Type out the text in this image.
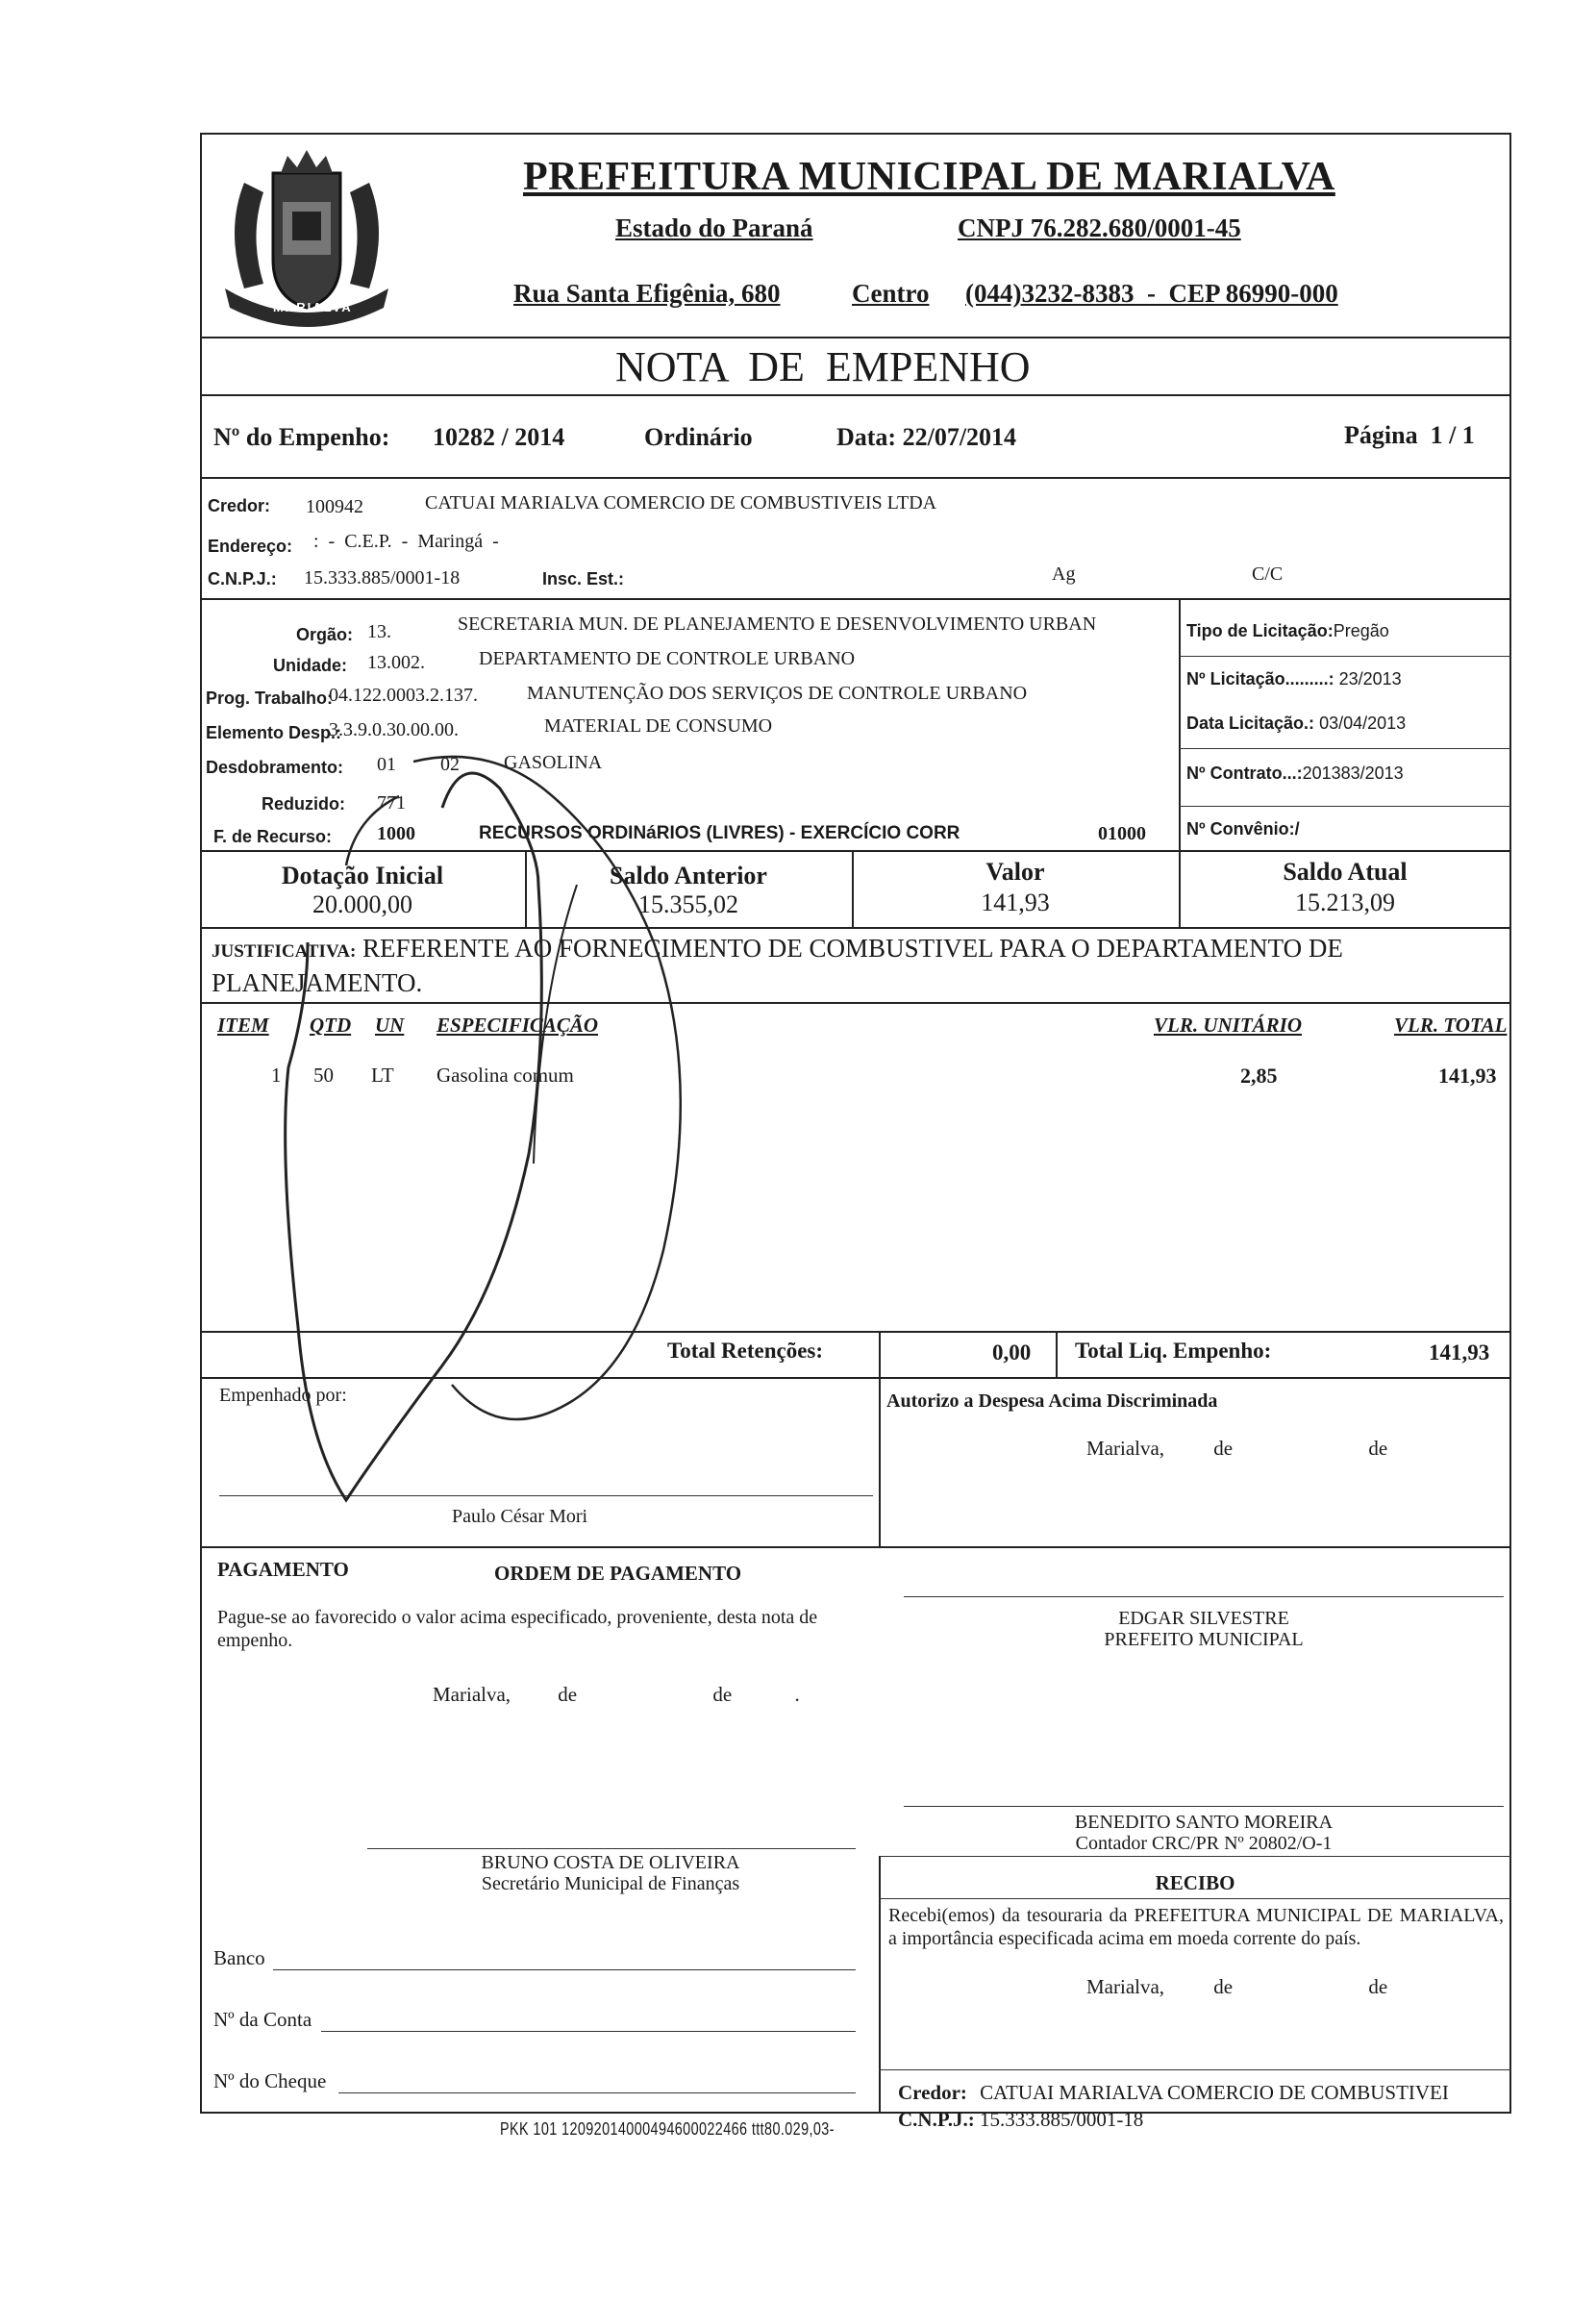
MARIALVA
PREFEITURA MUNICIPAL DE MARIALVA
Estado do Paraná	CNPJ 76.282.680/0001-45
Rua Santa Efigênia, 680	Centro (044)3232-8383  -  CEP 86990-000
NOTA  DE  EMPENHO
Nº do Empenho: 10282 / 2014	Ordinário	Data: 22/07/2014	Página  1 / 1
Credor: 100942	CATUAI MARIALVA COMERCIO DE COMBUSTIVEIS LTDA
Endereço: :  -  C.E.P.  -  Maringá  -
C.N.P.J.: 15.333.885/0001-18	Insc. Est.:	Ag	C/C
Orgão: 13.	SECRETARIA MUN. DE PLANEJAMENTO E DESENVOLVIMENTO URBAN
Unidade: 13.002.	DEPARTAMENTO DE CONTROLE URBANO
Prog. Trabalho:
04.122.0003.2.137.	MANUTENÇÃO DOS SERVIÇOS DE CONTROLE URBANO
Elemento Desp.:
3.3.9.0.30.00.00.	MATERIAL DE CONSUMO
Desdobramento: 01 02 GASOLINA
Reduzido: 771
F. de Recurso: 1000	RECURSOS ORDINáRIOS (LIVRES) - EXERCÍCIO CORR	01000
Tipo de Licitação:Pregão
Nº Licitação.........: 23/2013
Data Licitação.: 03/04/2013
Nº Contrato...:201383/2013
Nº Convênio:/
Dotação Inicial
20.000,00
Saldo Anterior
15.355,02
Valor
141,93
Saldo Atual
15.213,09
JUSTIFICATIVA: REFERENTE AO FORNECIMENTO DE COMBUSTIVEL PARA O DEPARTAMENTO DE
PLANEJAMENTO.
ITEM QTD UN ESPECIFICAÇÃO	VLR. UNITÁRIO	VLR. TOTAL
1 50 LT Gasolina comum	2,85	141,93
Total Retenções:	0,00 Total Liq. Empenho:	141,93
Empenhado por:
Paulo César Mori
Autorizo a Despesa Acima Discriminada
Marialva, de	de
PAGAMENTO	ORDEM DE PAGAMENTO
Pague-se ao favorecido o valor acima especificado, proveniente, desta nota de empenho.
Marialva, de	de	.
EDGAR SILVESTRE
PREFEITO MUNICIPAL
BENEDITO SANTO MOREIRA
Contador CRC/PR Nº 20802/O-1
BRUNO COSTA DE OLIVEIRA
Secretário Municipal de Finanças	RECIBO
Recebi(emos) da tesouraria da PREFEITURA MUNICIPAL DE MARIALVA, a importância especificada acima em moeda corrente do país.
Marialva, de	de
Credor: CATUAI MARIALVA COMERCIO DE COMBUSTIVEI
C.N.P.J.: 15.333.885/0001-18
Banco
Nº da Conta
Nº do Cheque
PKK 101 12092014000494600022466 ttt80.029,03-
